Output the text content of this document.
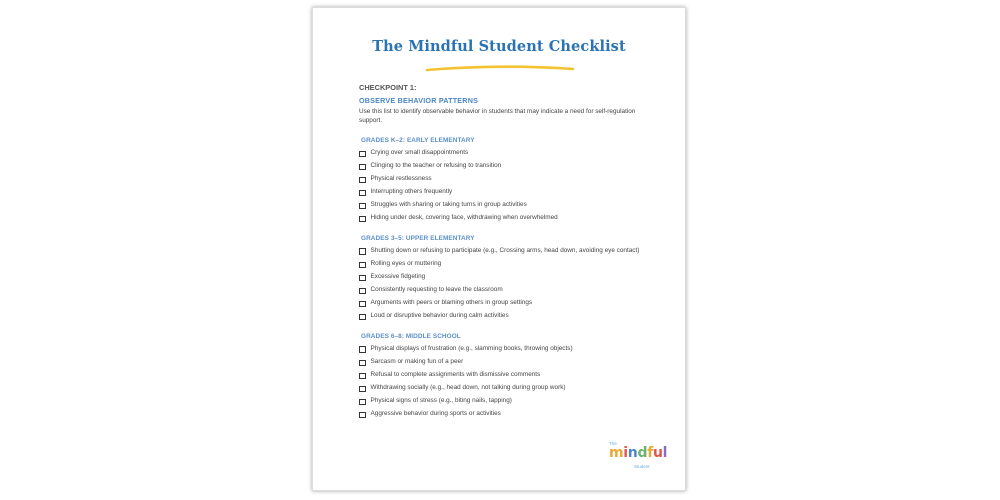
The Mindful Student Checklist
CHECKPOINT 1:
OBSERVE BEHAVIOR PATTERNS
Use this list to identify observable behavior in students that may indicate a need for self-regulation support.
GRADES K–2: EARLY ELEMENTARY
Crying over small disappointments
Clinging to the teacher or refusing to transition
Physical restlessness
Interrupting others frequently
Struggles with sharing or taking turns in group activities
Hiding under desk, covering face, withdrawing when overwhelmed
GRADES 3–5: UPPER ELEMENTARY
Shutting down or refusing to participate (e.g., Crossing arms, head down, avoiding eye contact)
Rolling eyes or muttering
Excessive fidgeting
Consistently requesting to leave the classroom
Arguments with peers or blaming others in group settings
Loud or disruptive behavior during calm activities
GRADES 6–8: MIDDLE SCHOOL
Physical displays of frustration (e.g., slamming books, throwing objects)
Sarcasm or making fun of a peer
Refusal to complete assignments with dismissive comments
Withdrawing socially (e.g., head down, not talking during group work)
Physical signs of stress (e.g., biting nails, tapping)
Aggressive behavior during sports or activities
The
mindful
Student
